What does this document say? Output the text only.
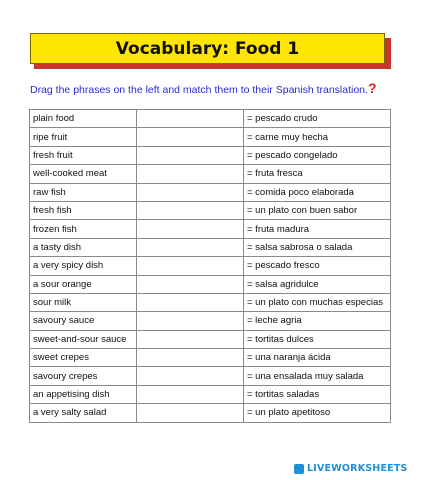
Vocabulary: Food 1
Drag the phrases on the left and match them to their Spanish translation. ?
plain food		= pescado crudo
ripe fruit		= carne muy hecha
fresh fruit		= pescado congelado
well-cooked meat		= fruta fresca
raw fish		= comida poco elaborada
fresh fish		= un plato con buen sabor
frozen fish		= fruta madura
a tasty dish		= salsa sabrosa o salada
a very spicy dish		= pescado fresco
a sour orange		= salsa agridulce
sour milk		= un plato con muchas especias
savoury sauce		= leche agria
sweet-and-sour sauce		= tortitas dulces
sweet crepes		= una naranja ácida
savoury crepes		= una ensalada muy salada
an appetising dish		= tortitas saladas
a very salty salad		= un plato apetitoso
LIVEWORKSHEETS
